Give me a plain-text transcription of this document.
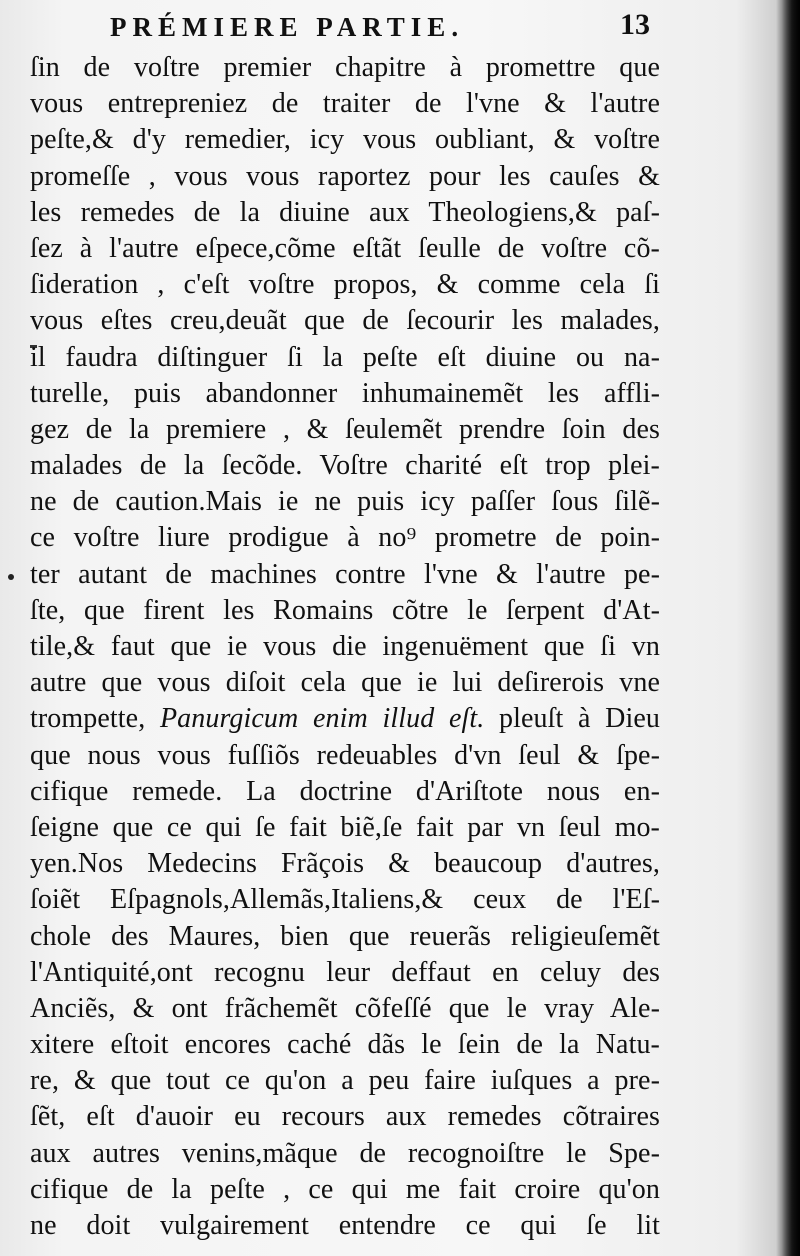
PRÉMIERE PARTIE.	13
ſin de voſtre premier chapitre à promettre que
vous entrepreniez de traiter de l'vne & l'autre
peſte,& d'y remedier, icy vous oubliant, & voſtre
promeſſe , vous vous raportez pour les cauſes &
les remedes de la diuine aux Theologiens,& paſ-
ſez à l'autre eſpece,cõme eſtãt ſeulle de voſtre cõ-
ſideration , c'eſt voſtre propos, & comme cela ſi
vous eſtes creu,deuãt que de ſecourir les malades,
il faudra diſtinguer ſi la peſte eſt diuine ou na-
turelle, puis abandonner inhumainemẽt les affli-
gez de la premiere , & ſeulemẽt prendre ſoin des
malades de la ſecõde. Voſtre charité eſt trop plei-
ne de caution.Mais ie ne puis icy paſſer ſous ſilẽ-
ce voſtre liure prodigue à no⁹ prometre de poin-
ter autant de machines contre l'vne & l'autre pe-
ſte, que firent les Romains cõtre le ſerpent d'At-
tile,& faut que ie vous die ingenuëment que ſi vn
autre que vous diſoit cela que ie lui deſirerois vne
trompette, Panurgicum enim illud eſt. pleuſt à Dieu
que nous vous fuſſiõs redeuables d'vn ſeul & ſpe-
cifique remede. La doctrine d'Ariſtote nous en-
ſeigne que ce qui ſe fait biẽ,ſe fait par vn ſeul mo-
yen.Nos Medecins Frãçois & beaucoup d'autres,
ſoiẽt Eſpagnols,Allemãs,Italiens,& ceux de l'Eſ-
chole des Maures, bien que reuerãs religieuſemẽt
l'Antiquité,ont recognu leur deffaut en celuy des
Anciẽs, & ont frãchemẽt cõfeſſé que le vray Ale-
xitere eſtoit encores caché dãs le ſein de la Natu-
re, & que tout ce qu'on a peu faire iuſques a pre-
ſẽt, eſt d'auoir eu recours aux remedes cõtraires
aux autres venins,mãque de recognoiſtre le Spe-
cifique de la peſte , ce qui me fait croire qu'on
ne doit vulgairement entendre ce qui ſe lit
